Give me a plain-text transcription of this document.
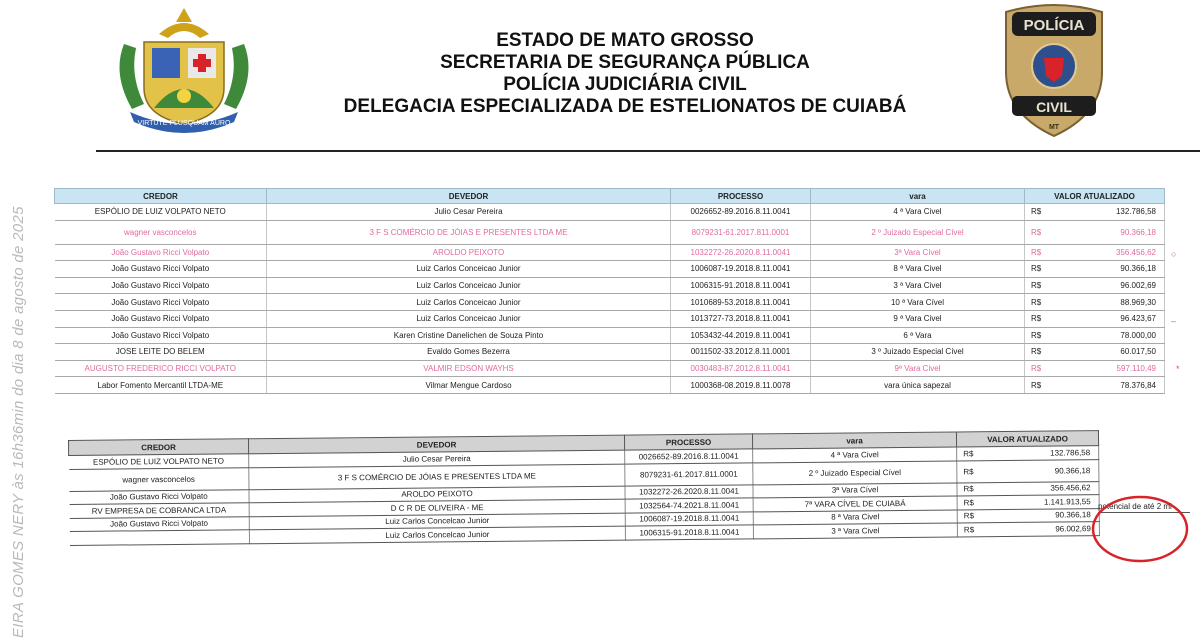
VIRTUTE PLUSQUAM AURO
ESTADO DE MATO GROSSO
SECRETARIA DE SEGURANÇA PÚBLICA
POLÍCIA JUDICIÁRIA CIVIL
DELEGACIA ESPECIALIZADA DE ESTELIONATOS DE CUIABÁ
POLÍCIA
CIVIL
MT
EIRA GOMES NERY às 16h36min do dia 8 de agosto de 2025
CREDOR	DEVEDOR	PROCESSO	vara	VALOR ATUALIZADO
ESPÓLIO DE LUIZ VOLPATO NETO	Julio Cesar Pereira	0026652-89.2016.8.11.0041	4 ª Vara Civel	R$ 132.786,58

wagner vasconcelos	3 F S COMÉRCIO DE JÓIAS E PRESENTES LTDA ME	8079231-61.2017.811.0001	2 º Juizado Especial Cível	R$ 90.366,18

João Gustavo Ricci Volpato	AROLDO PEIXOTO	1032272-26.2020.8.11.0041	3ª Vara Cível	R$ 356.456,62

João Gustavo Ricci Volpato	Luiz Carlos Conceicao Junior	1006087-19.2018.8.11.0041	8 ª Vara Civel	R$ 90.366,18

João Gustavo Ricci Volpato	Luiz Carlos Conceicao Junior	1006315-91.2018.8.11.0041	3 ª Vara Civel	R$ 96.002,69

João Gustavo Ricci Volpato	Luiz Carlos Conceicao Junior	1010689-53.2018.8.11.0041	10 ª Vara Cível	R$ 88.969,30

João Gustavo Ricci Volpato	Luiz Carlos Conceicao Junior	1013727-73.2018.8.11.0041	9 ª Vara Civel	R$ 96.423,67

João Gustavo Ricci Volpato	Karen Cristine Danelichen de Souza Pinto	1053432-44.2019.8.11.0041	6 ª Vara	R$ 78.000,00

JOSE LEITE DO BELEM	Evaldo Gomes Bezerra	0011502-33.2012.8.11.0001	3 º Juizado Especial Cível	R$ 60.017,50

AUGUSTO FREDERICO RICCI VOLPATO	VALMIR EDSON WAYHS	0030483-87.2012.8.11.0041	9ª Vara Civel	R$ 597.110,49

Labor Fomento Mercantil LTDA-ME	Vilmar Mengue Cardoso	1000368-08.2019.8.11.0078	vara única sapezal	R$ 78.376,84
○
–
*
CREDOR	DEVEDOR	PROCESSO	vara	VALOR ATUALIZADO
ESPÓLIO DE LUIZ VOLPATO NETO	Julio Cesar Pereira	0026652-89.2016.8.11.0041	4 ª Vara Civel	R$ 132.786,58

wagner vasconcelos	3 F S COMÉRCIO DE JÓIAS E PRESENTES LTDA ME	8079231-61.2017.811.0001	2 º Juizado Especial Cível	R$ 90.366,18

João Gustavo Ricci Volpato	AROLDO PEIXOTO	1032272-26.2020.8.11.0041	3ª Vara Cível	R$ 356.456,62

RV EMPRESA DE COBRANCA LTDA	D C R DE OLIVEIRA - ME	1032564-74.2021.8.11.0041	7ª VARA CÍVEL DE CUIABÁ	R$ 1.141.913,55

João Gustavo Ricci Volpato	Luiz Carlos Concelcao Junior	1006087-19.2018.8.11.0041	8 ª Vara Civel	R$ 90.366,18

	Luiz Carlos Concelcao Junior	1006315-91.2018.8.11.0041	3 ª Vara Civel	R$ 96.002,69
potencial de até 2 mi
